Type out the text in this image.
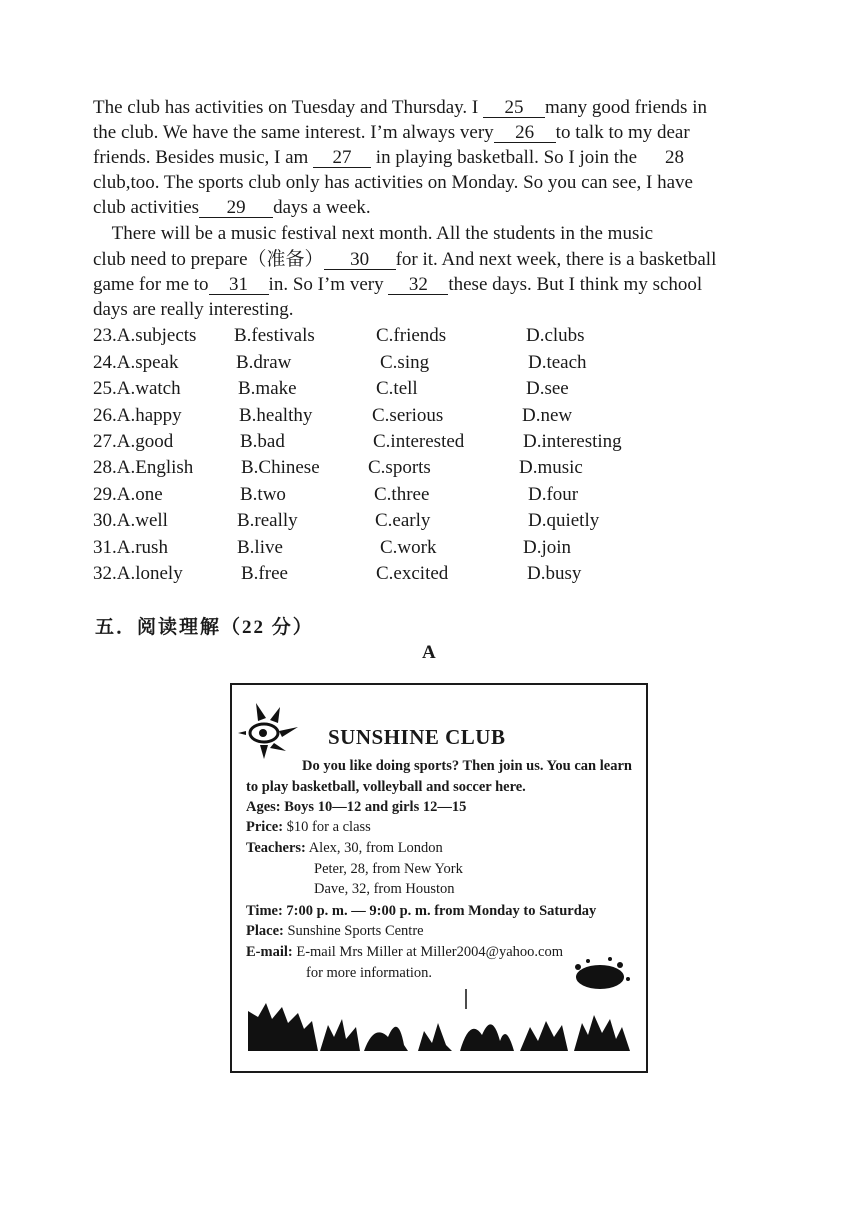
The club has activities on Tuesday and Thursday. I 25 many good friends in
the club. We have the same interest. I’m always very 26 to talk to my dear
friends. Besides music, I am 27 in playing basketball. So I join the 28
club,too. The sports club only has activities on Monday. So you can see, I have
club activities 29 days a week.
There will be a music festival next month. All the students in the music
club need to prepare（准备） 30 for it. And next week, there is a basketball
game for me to 31 in. So I’m very 32 these days. But I think my school
days are really interesting.
23.A.subjects B.festivals	C.friends	D.clubs
24.A.speak	B.draw	C.sing	D.teach
25.A.watch	B.make	C.tell	D.see
26.A.happy	B.healthy	C.serious	D.new
27.A.good	B.bad	C.interested	D.interesting
28.A.English	B.Chinese	C.sports	D.music
29.A.one	B.two	C.three	D.four
30.A.well	B.really	C.early	D.quietly
31.A.rush	B.live	C.work	D.join
32.A.lonely	B.free	C.excited	D.busy
五．阅读理解（22 分）
A
SUNSHINE CLUB
Do you like doing sports? Then join us. You can learn
to play basketball, volleyball and soccer here.
Ages: Boys 10—12 and girls 12—15
Price: $10 for a class
Teachers: Alex, 30, from London
Peter, 28, from New York
Dave, 32, from Houston
Time: 7:00 p. m. — 9:00 p. m. from Monday to Saturday
Place: Sunshine Sports Centre
E-mail: E-mail Mrs Miller at Miller2004@yahoo.com
for more information.
